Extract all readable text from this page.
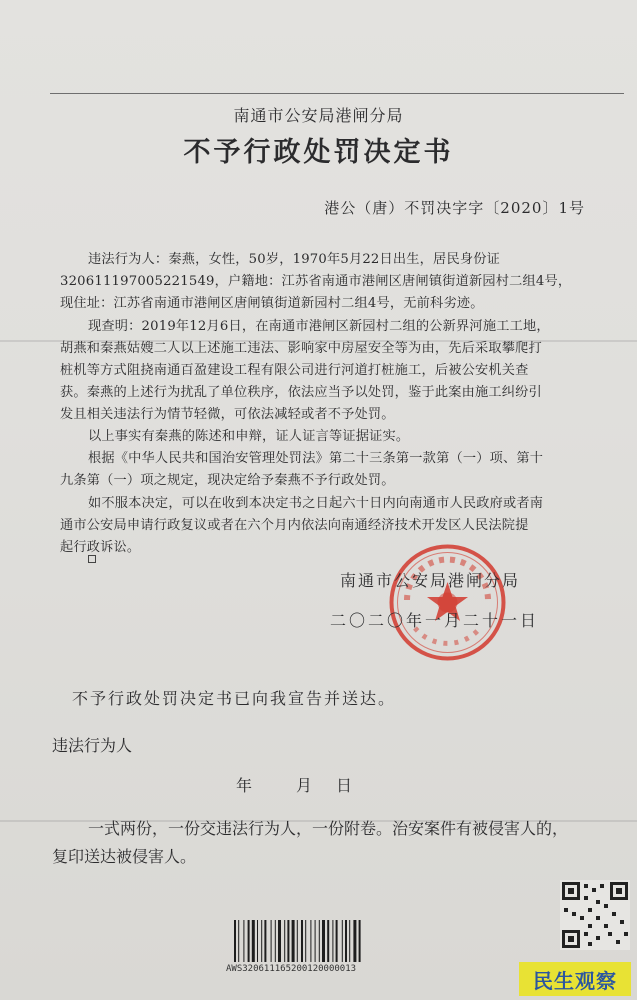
南通市公安局港闸分局
不予行政处罚决定书
港公（唐）不罚决字字〔2020〕1号
违法行为人：秦燕，女性，50岁，1970年5月22日出生，居民身份证
320611197005221549，户籍地：江苏省南通市港闸区唐闸镇街道新园村二组4号，
现住址：江苏省南通市港闸区唐闸镇街道新园村二组4号，无前科劣迹。
现查明：2019年12月6日，在南通市港闸区新园村二组的公新界河施工工地，
胡燕和秦燕姑嫂二人以上述施工违法、影响家中房屋安全等为由，先后采取攀爬打
桩机等方式阻挠南通百盈建设工程有限公司进行河道打桩施工，后被公安机关查
获。秦燕的上述行为扰乱了单位秩序，依法应当予以处罚，鉴于此案由施工纠纷引
发且相关违法行为情节轻微，可依法减轻或者不予处罚。
以上事实有秦燕的陈述和申辩，证人证言等证据证实。
根据《中华人民共和国治安管理处罚法》第二十三条第一款第（一）项、第十
九条第（一）项之规定，现决定给予秦燕不予行政处罚。
如不服本决定，可以在收到本决定书之日起六十日内向南通市人民政府或者南
通市公安局申请行政复议或者在六个月内依法向南通经济技术开发区人民法院提
起行政诉讼。
南通市公安局港闸分局
二〇二〇年一月二十一日
不予行政处罚决定书已向我宣告并送达。
违法行为人
年　　月　日
一式两份，一份交违法行为人，一份附卷。治安案件有被侵害人的，
复印送达被侵害人。
AWS320611165200120000013	民生观察
